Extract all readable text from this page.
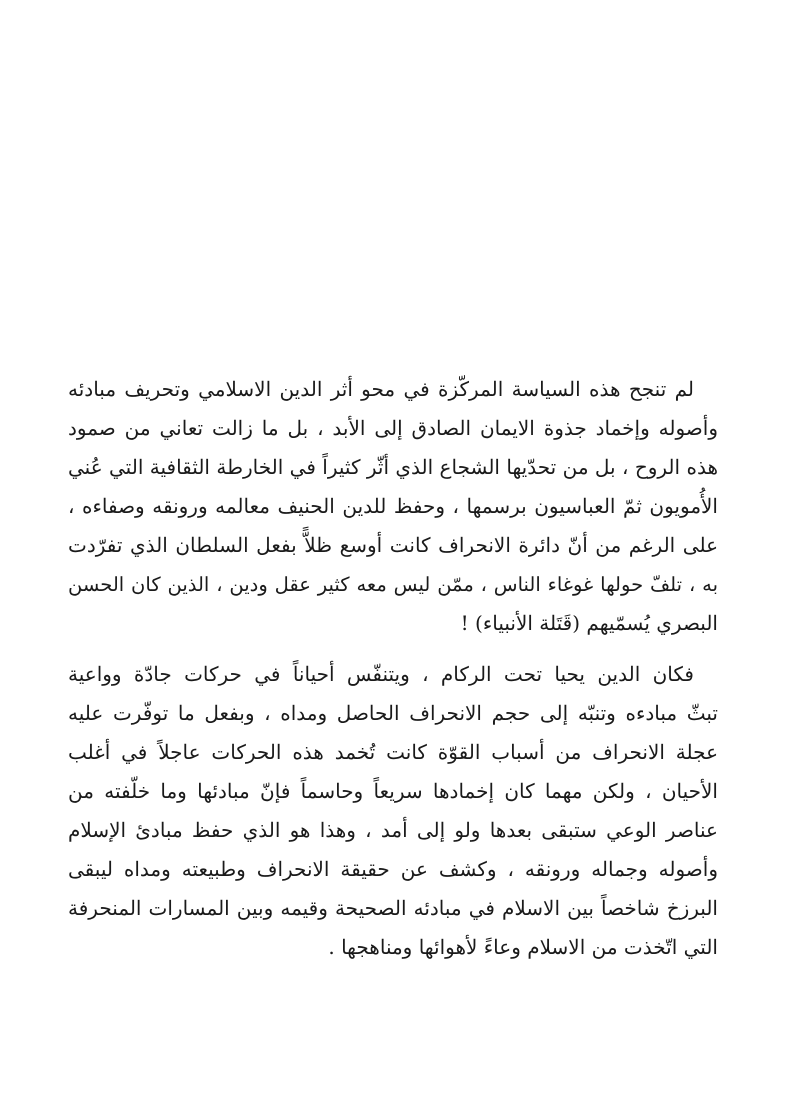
لم تنجح هذه السياسة المركّزة في محو أثر الدين الاسلامي وتحريف مبادئه
وأصوله وإخماد جذوة الايمان الصادق إلى الأبد ، بل ما زالت تعاني من صمود
هذه الروح ، بل من تحدّيها الشجاع الذي أثّر كثيراً في الخارطة الثقافية التي عُني
الأُمويون ثمّ العباسيون برسمها ، وحفظ للدين الحنيف معالمه ورونقه وصفاءه ،
على الرغم من أنّ دائرة الانحراف كانت أوسع ظلاًّ بفعل السلطان الذي تفرّدت
به ، تلفّ حولها غوغاء الناس ، ممّن ليس معه كثير عقل ودين ، الذين كان الحسن
البصري يُسمّيهم (قَتَلة الأنبياء) !

فكان الدين يحيا تحت الركام ، ويتنفّس أحياناً في حركات جادّة وواعية
تبثّ مبادءه وتنبّه إلى حجم الانحراف الحاصل ومداه ، وبفعل ما توفّرت عليه
عجلة الانحراف من أسباب القوّة كانت تُخمد هذه الحركات عاجلاً في أغلب
الأحيان ، ولكن مهما كان إخمادها سريعاً وحاسماً فإنّ مبادئها وما خلّفته من
عناصر الوعي ستبقى بعدها ولو إلى أمد ، وهذا هو الذي حفظ مبادئ الإسلام
وأصوله وجماله ورونقه ، وكشف عن حقيقة الانحراف وطبيعته ومداه ليبقى
البرزخ شاخصاً بين الاسلام في مبادئه الصحيحة وقيمه وبين المسارات المنحرفة
التي اتّخذت من الاسلام وعاءً لأهوائها ومناهجها .
